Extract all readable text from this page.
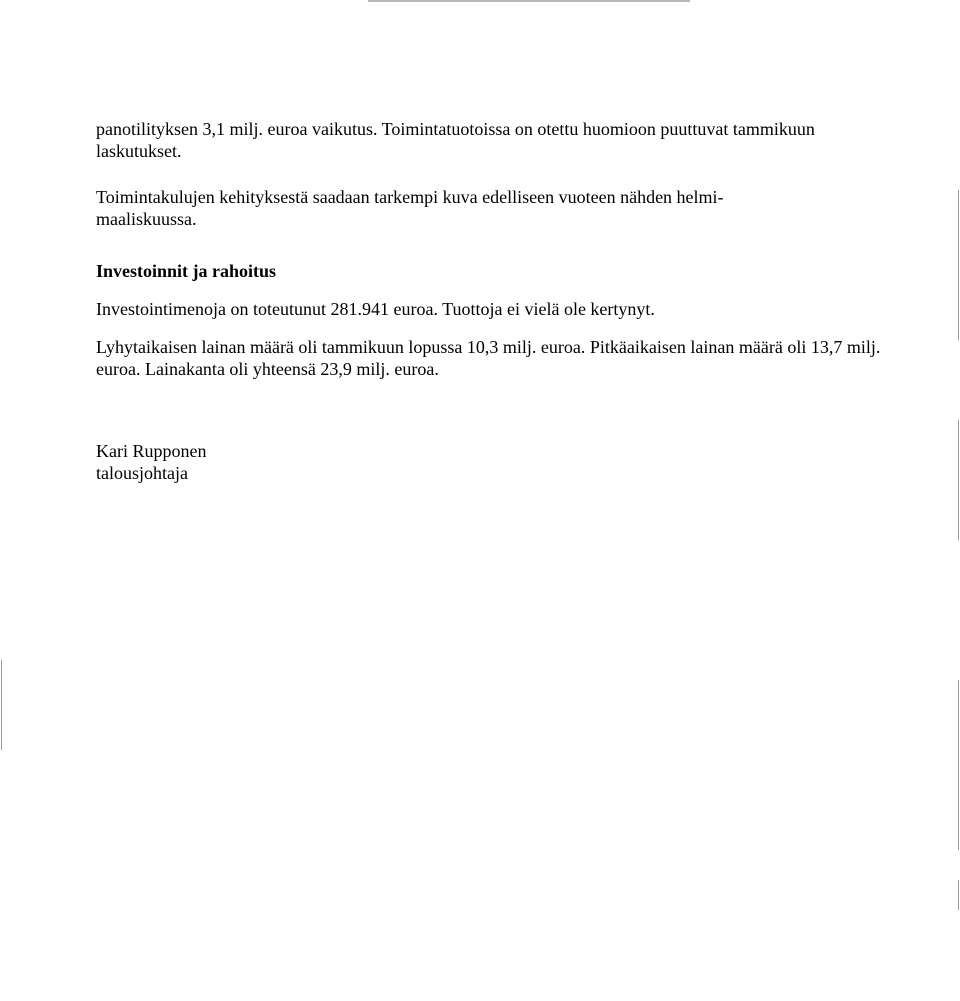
panotilityksen 3,1 milj. euroa vaikutus. Toimintatuotoissa on otettu huomioon puuttuvat tammikuun laskutukset.

Toimintakulujen kehityksestä saadaan tarkempi kuva edelliseen vuoteen nähden helmi-maaliskuussa.

Investoinnit ja rahoitus

Investointimenoja on toteutunut 281.941 euroa. Tuottoja ei vielä ole kertynyt.

Lyhytaikaisen lainan määrä oli tammikuun lopussa 10,3 milj. euroa. Pitkäaikaisen lainan määrä oli 13,7 milj. euroa. Lainakanta oli yhteensä 23,9 milj. euroa.

Kari Rupponen

talousjohtaja
